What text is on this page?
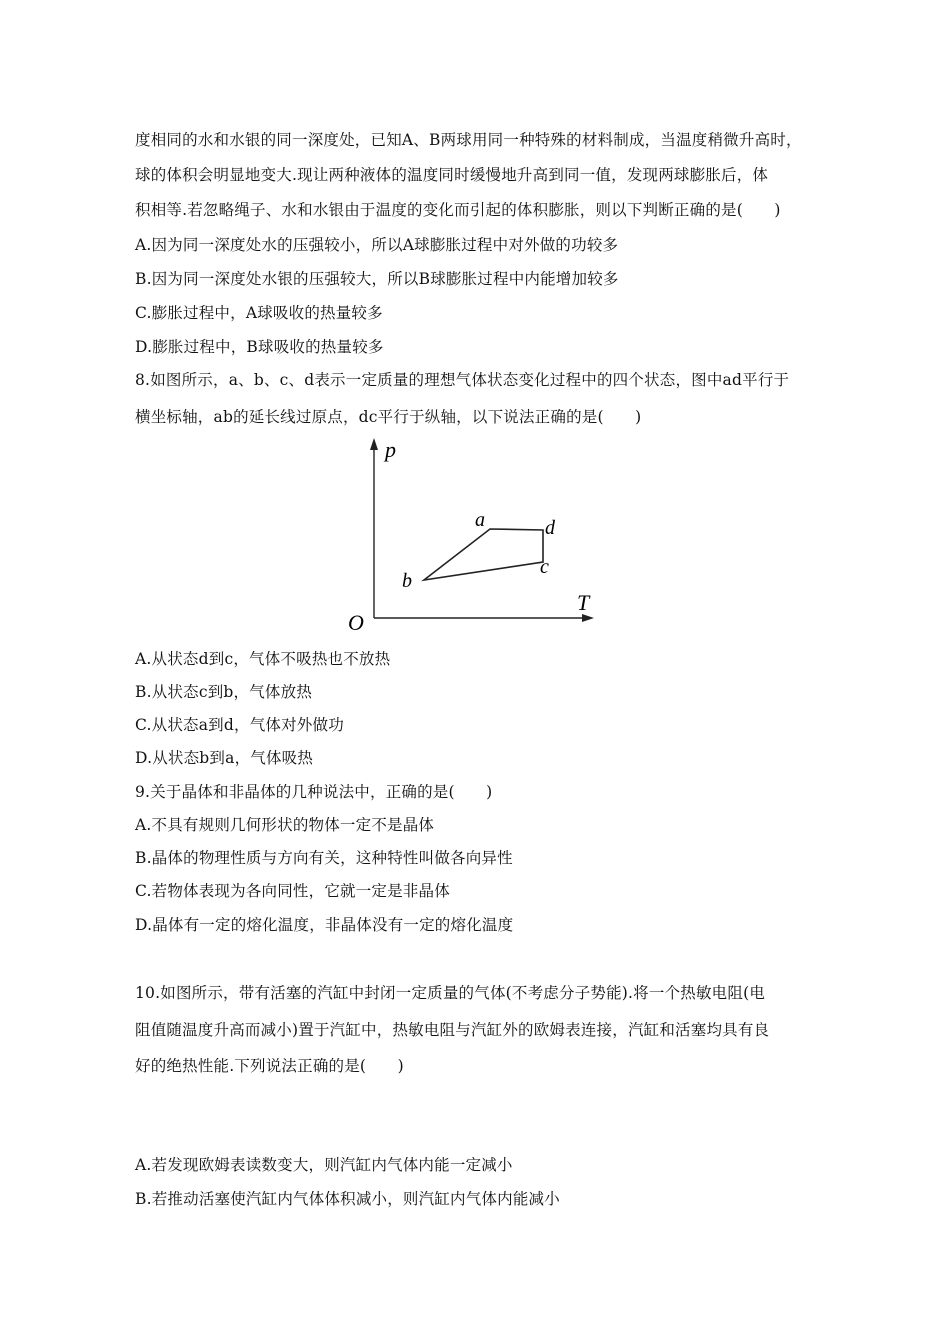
度相同的水和水银的同一深度处，已知A、B两球用同一种特殊的材料制成，当温度稍微升高时，
球的体积会明显地变大.现让两种液体的温度同时缓慢地升高到同一值，发现两球膨胀后，体
积相等.若忽略绳子、水和水银由于温度的变化而引起的体积膨胀，则以下判断正确的是(　　)
A.因为同一深度处水的压强较小，所以A球膨胀过程中对外做的功较多
B.因为同一深度处水银的压强较大，所以B球膨胀过程中内能增加较多
C.膨胀过程中，A球吸收的热量较多
D.膨胀过程中，B球吸收的热量较多
8.如图所示，a、b、c、d表示一定质量的理想气体状态变化过程中的四个状态，图中ad平行于
横坐标轴，ab的延长线过原点，dc平行于纵轴，以下说法正确的是(　　)
p
T
O
a	d
c
b
A.从状态d到c，气体不吸热也不放热
B.从状态c到b，气体放热
C.从状态a到d，气体对外做功
D.从状态b到a，气体吸热
9.关于晶体和非晶体的几种说法中，正确的是(　　)
A.不具有规则几何形状的物体一定不是晶体
B.晶体的物理性质与方向有关，这种特性叫做各向异性
C.若物体表现为各向同性，它就一定是非晶体
D.晶体有一定的熔化温度，非晶体没有一定的熔化温度
10.如图所示，带有活塞的汽缸中封闭一定质量的气体(不考虑分子势能).将一个热敏电阻(电
阻值随温度升高而减小)置于汽缸中，热敏电阻与汽缸外的欧姆表连接，汽缸和活塞均具有良
好的绝热性能.下列说法正确的是(　　)
A.若发现欧姆表读数变大，则汽缸内气体内能一定减小
B.若推动活塞使汽缸内气体体积减小，则汽缸内气体内能减小
